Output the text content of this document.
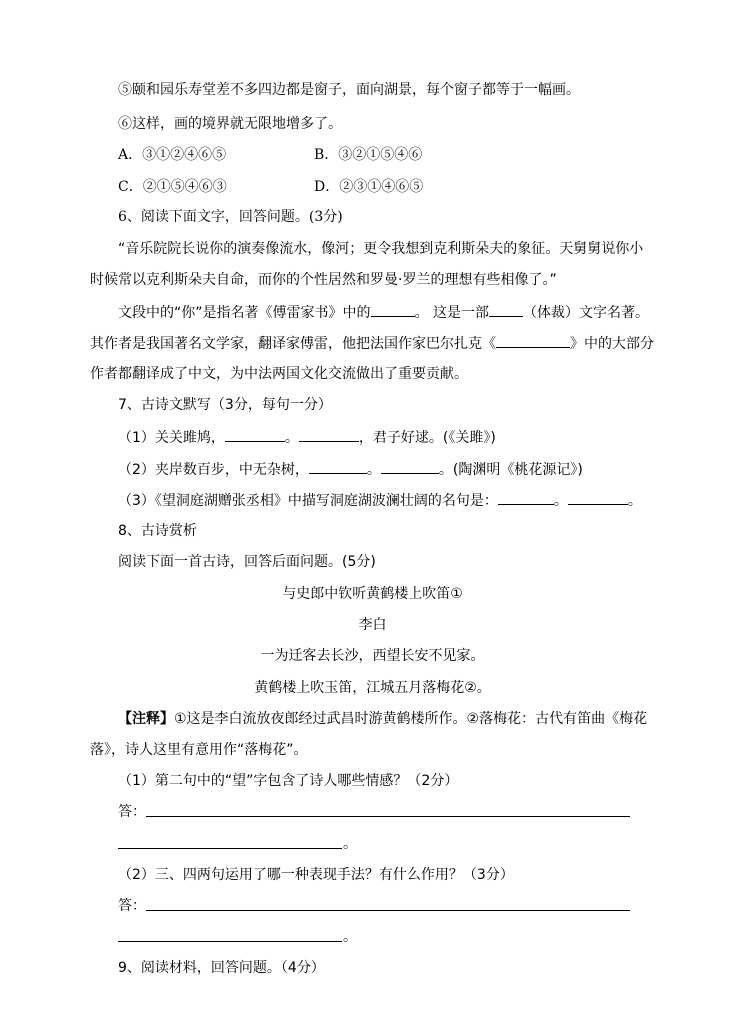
⑤颐和园乐寿堂差不多四边都是窗子，面向湖景，每个窗子都等于一幅画。
⑥这样，画的境界就无限地增多了。
A．③①②④⑥⑤	B．③②①⑤④⑥
C．②①⑤④⑥③	D．②③①④⑥⑤
6、阅读下面文字，回答问题。(3分)
“音乐院院长说你的演奏像流水，像河；更令我想到克利斯朵夫的象征。天舅舅说你小
时候常以克利斯朵夫自命，而你的个性居然和罗曼·罗兰的理想有些相像了。”
文段中的“你”是指名著《傅雷家书》中的	。 这是一部 （体裁）文字名著。
其作者是我国著名文学家，翻译家傅雷，他把法国作家巴尔扎克《	》中的大部分
作者都翻译成了中文，为中法两国文化交流做出了重要贡献。
7、古诗文默写（3分，每句一分）
（1）关关雎鸠，	。	，君子好逑。(《关雎》)
（2）夹岸数百步，中无杂树，	。	。(陶渊明《桃花源记》)
（3）《望洞庭湖赠张丞相》中描写洞庭湖波澜壮阔的名句是：	。	。
8、古诗赏析
阅读下面一首古诗，回答后面问题。(5分)
与史郎中钦听黄鹤楼上吹笛①
李白
一为迁客去长沙，西望长安不见家。
黄鹤楼上吹玉笛，江城五月落梅花②。
【注释】①这是李白流放夜郎经过武昌时游黄鹤楼所作。②落梅花：古代有笛曲《梅花
落》，诗人这里有意用作“落梅花”。
（1）第二句中的“望”字包含了诗人哪些情感？（2分）
答：
。
（2）三、四两句运用了哪一种表现手法？有什么作用？（3分）
答：
。
9、阅读材料，回答问题。（4分）
